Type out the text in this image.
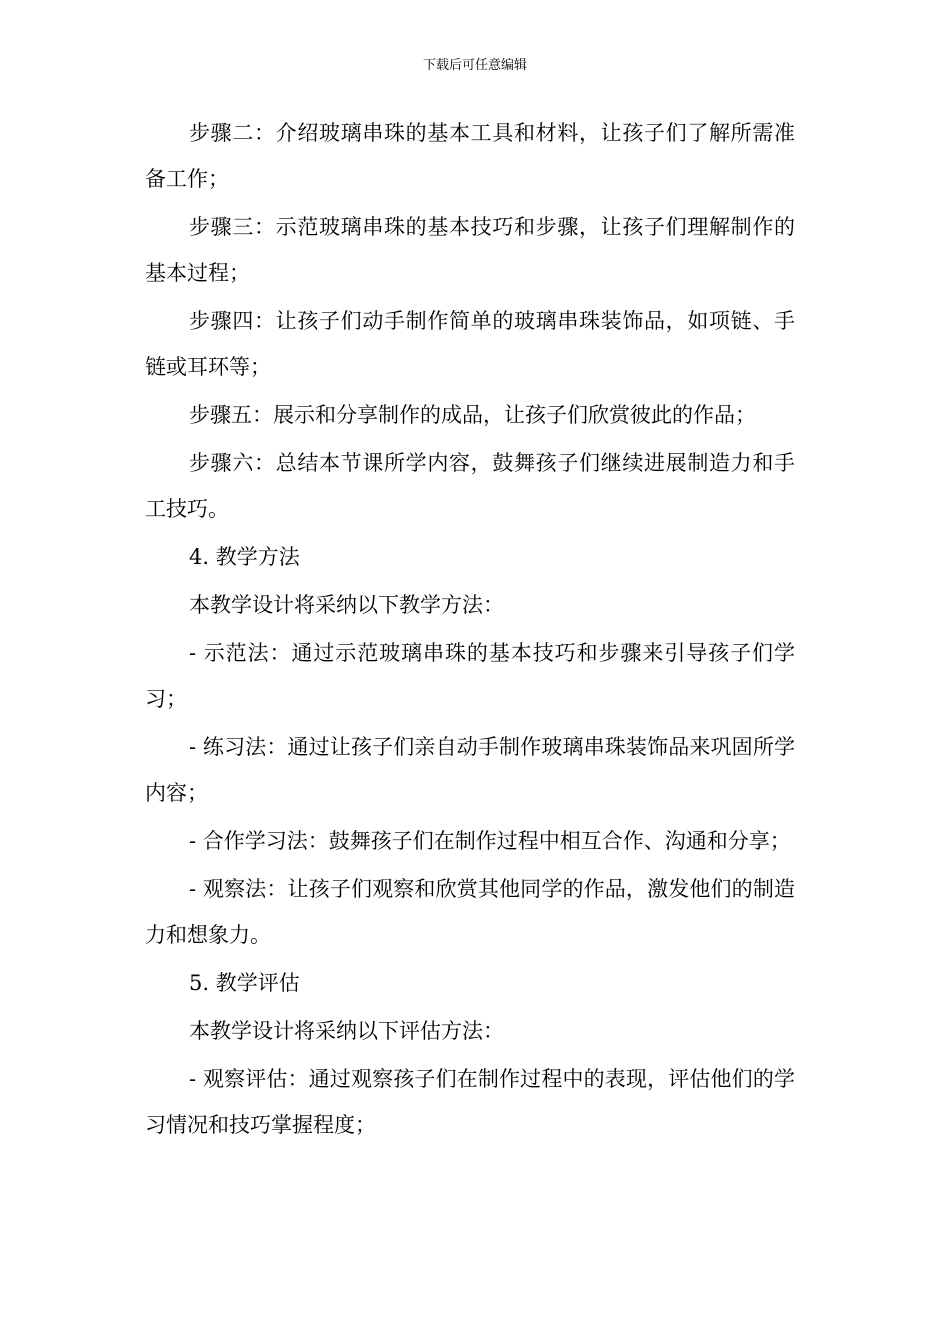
下载后可任意编辑

步骤二：介绍玻璃串珠的基本工具和材料，让孩子们了解所需准备工作；

步骤三：示范玻璃串珠的基本技巧和步骤，让孩子们理解制作的基本过程；

步骤四：让孩子们动手制作简单的玻璃串珠装饰品，如项链、手链或耳环等；

步骤五：展示和分享制作的成品，让孩子们欣赏彼此的作品；

步骤六：总结本节课所学内容，鼓舞孩子们继续进展制造力和手工技巧。

4. 教学方法

本教学设计将采纳以下教学方法：

- 示范法：通过示范玻璃串珠的基本技巧和步骤来引导孩子们学习；

- 练习法：通过让孩子们亲自动手制作玻璃串珠装饰品来巩固所学内容；

- 合作学习法：鼓舞孩子们在制作过程中相互合作、沟通和分享；

- 观察法：让孩子们观察和欣赏其他同学的作品，激发他们的制造力和想象力。

5. 教学评估

本教学设计将采纳以下评估方法：

- 观察评估：通过观察孩子们在制作过程中的表现，评估他们的学习情况和技巧掌握程度；
